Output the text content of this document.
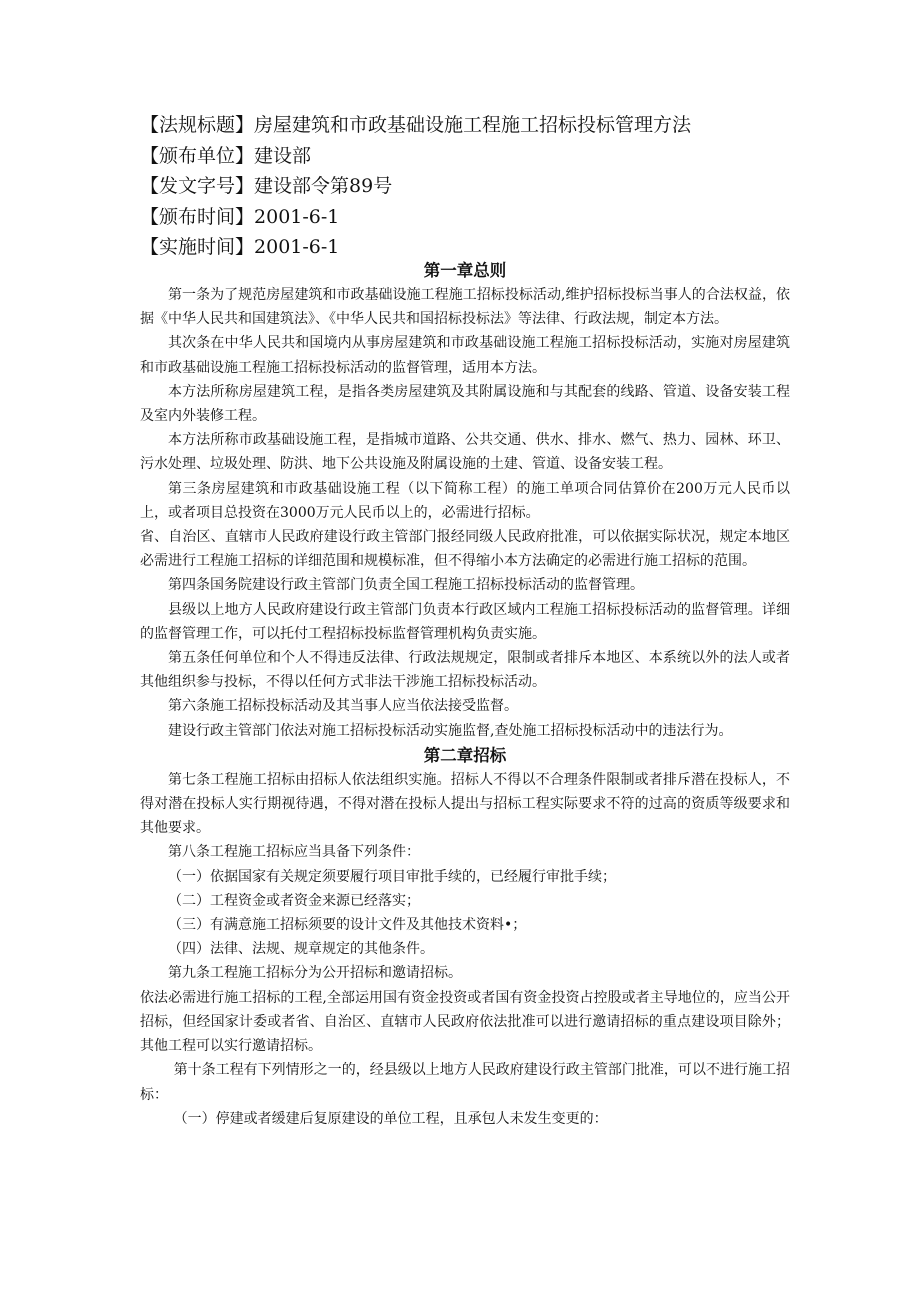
【法规标题】房屋建筑和市政基础设施工程施工招标投标管理方法
【颁布单位】建设部
【发文字号】建设部令第89号
【颁布时间】2001-6-1
【实施时间】2001-6-1
第一章总则

第一条为了规范房屋建筑和市政基础设施工程施工招标投标活动,维护招标投标当事人的合法权益，依据《中华人民共和国建筑法》、《中华人民共和国招标投标法》等法律、行政法规，制定本方法。

其次条在中华人民共和国境内从事房屋建筑和市政基础设施工程施工招标投标活动，实施对房屋建筑和市政基础设施工程施工招标投标活动的监督管理，适用本方法。

本方法所称房屋建筑工程，是指各类房屋建筑及其附属设施和与其配套的线路、管道、设备安装工程及室内外装修工程。

本方法所称市政基础设施工程，是指城市道路、公共交通、供水、排水、燃气、热力、园林、环卫、污水处理、垃圾处理、防洪、地下公共设施及附属设施的土建、管道、设备安装工程。

第三条房屋建筑和市政基础设施工程（以下简称工程）的施工单项合同估算价在200万元人民币以上，或者项目总投资在3000万元人民币以上的，必需进行招标。

省、自治区、直辖市人民政府建设行政主管部门报经同级人民政府批准，可以依据实际状况，规定本地区必需进行工程施工招标的详细范围和规模标准，但不得缩小本方法确定的必需进行施工招标的范围。

第四条国务院建设行政主管部门负责全国工程施工招标投标活动的监督管理。

县级以上地方人民政府建设行政主管部门负责本行政区域内工程施工招标投标活动的监督管理。详细的监督管理工作，可以托付工程招标投标监督管理机构负责实施。

第五条任何单位和个人不得违反法律、行政法规规定，限制或者排斥本地区、本系统以外的法人或者其他组织参与投标，不得以任何方式非法干涉施工招标投标活动。

第六条施工招标投标活动及其当事人应当依法接受监督。

建设行政主管部门依法对施工招标投标活动实施监督,查处施工招标投标活动中的违法行为。

第二章招标

第七条工程施工招标由招标人依法组织实施。招标人不得以不合理条件限制或者排斥潜在投标人，不得对潜在投标人实行期视待遇，不得对潜在投标人提出与招标工程实际要求不符的过高的资质等级要求和其他要求。

第八条工程施工招标应当具备下列条件：

（一）依据国家有关规定须要履行项目审批手续的，已经履行审批手续；

（二）工程资金或者资金来源已经落实；

（三）有满意施工招标须要的设计文件及其他技术资料•；

（四）法律、法规、规章规定的其他条件。

第九条工程施工招标分为公开招标和邀请招标。

依法必需进行施工招标的工程,全部运用国有资金投资或者国有资金投资占控股或者主导地位的，应当公开招标，但经国家计委或者省、自治区、直辖市人民政府依法批准可以进行邀请招标的重点建设项目除外；其他工程可以实行邀请招标。

第十条工程有下列情形之一的，经县级以上地方人民政府建设行政主管部门批准，可以不进行施工招标：

（一）停建或者缓建后复原建设的单位工程，且承包人未发生变更的：
